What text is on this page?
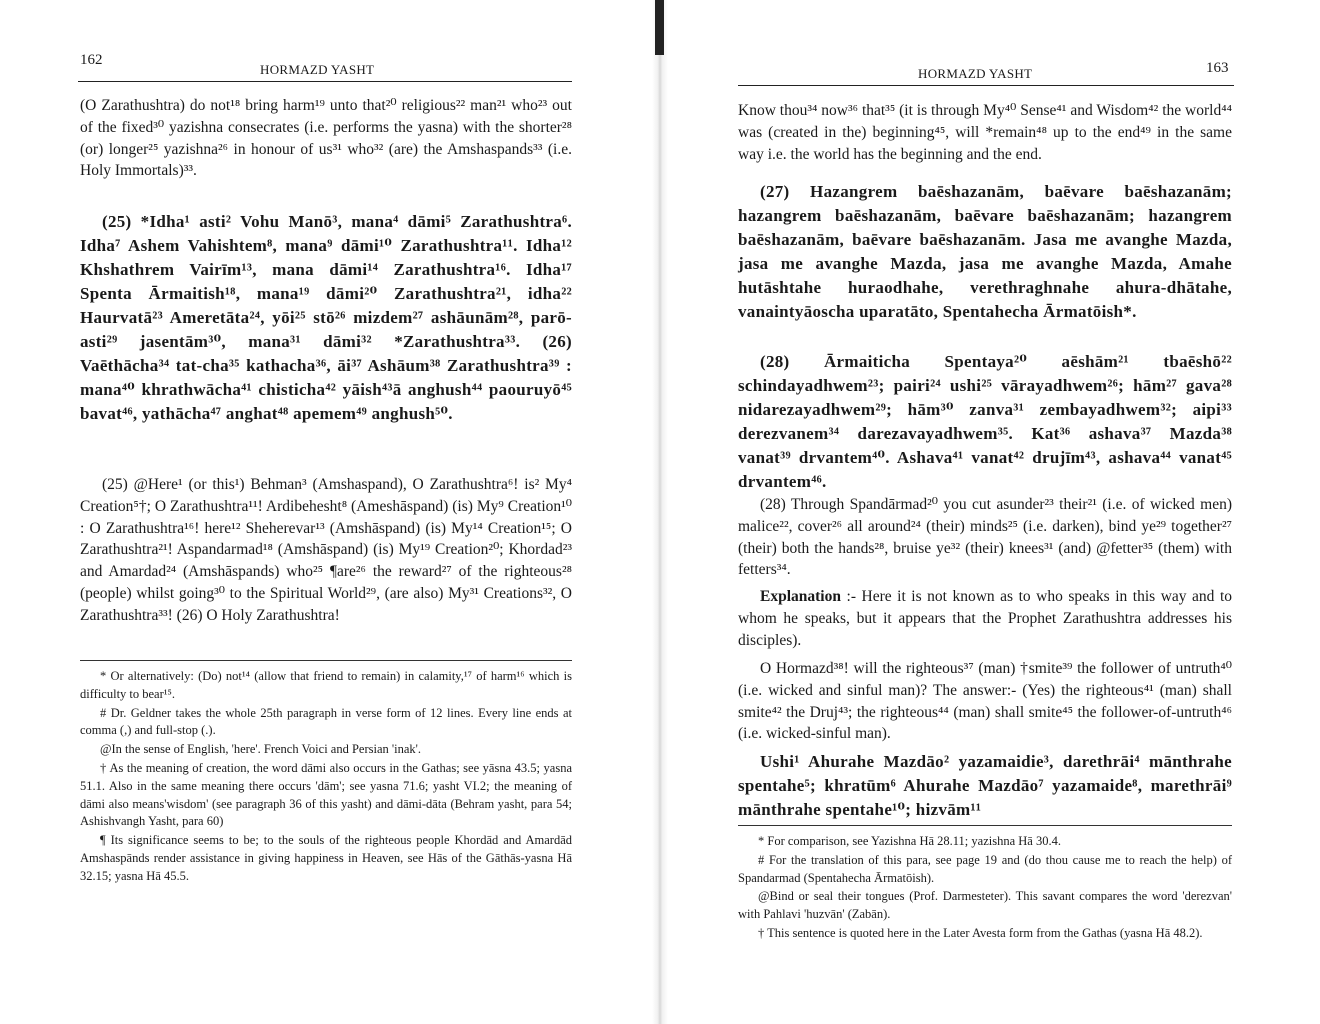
162
HORMAZD YASHT

(O Zarathushtra) do not¹⁸ bring harm¹⁹ unto that²⁰ religious²² man²¹ who²³ out of the fixed³⁰ yazishna consecrates (i.e. performs the yasna) with the shorter²⁸ (or) longer²⁵ yazishna²⁶ in honour of us³¹ who³² (are) the Amshaspands³³ (i.e. Holy Immortals)³³.

(25) *Idha¹ asti² Vohu Manō³, mana⁴ dāmi⁵ Zarathushtra⁶. Idha⁷ Ashem Vahishtem⁸, mana⁹ dāmi¹⁰ Zarathushtra¹¹. Idha¹² Khshathrem Vairīm¹³, mana dāmi¹⁴ Zarathushtra¹⁶. Idha¹⁷ Spenta Ārmaitish¹⁸, mana¹⁹ dāmi²⁰ Zarathushtra²¹, idha²² Haurvatā²³ Ameretāta²⁴, yōi²⁵ stō²⁶ mizdem²⁷ ashāunām²⁸, parō-asti²⁹ jasentām³⁰, mana³¹ dāmi³² *Zarathushtra³³. (26) Vaēthācha³⁴ tat-cha³⁵ kathacha³⁶, āi³⁷ Ashāum³⁸ Zarathushtra³⁹ : mana⁴⁰ khrathwācha⁴¹ chisticha⁴² yāish⁴³ā anghush⁴⁴ paouruyō⁴⁵ bavat⁴⁶, yathācha⁴⁷ anghat⁴⁸ apemem⁴⁹ anghush⁵⁰.

(25) @Here¹ (or this¹) Behman³ (Amshaspand), O Zarathushtra⁶! is² My⁴ Creation⁵†; O Zarathushtra¹¹! Ardibehesht⁸ (Ameshāspand) (is) My⁹ Creation¹⁰ : O Zarathushtra¹⁶! here¹² Sheherevar¹³ (Amshāspand) (is) My¹⁴ Creation¹⁵; O Zarathushtra²¹! Aspandarmad¹⁸ (Amshāspand) (is) My¹⁹ Creation²⁰; Khordad²³ and Amardad²⁴ (Amshāspands) who²⁵ ¶are²⁶ the reward²⁷ of the righteous²⁸ (people) whilst going³⁰ to the Spiritual World²⁹, (are also) My³¹ Creations³², O Zarathushtra³³! (26) O Holy Zarathushtra!

* Or alternatively: (Do) not¹⁴ (allow that friend to remain) in calamity,¹⁷ of harm¹⁶ which is difficulty to bear¹⁵.

# Dr. Geldner takes the whole 25th paragraph in verse form of 12 lines. Every line ends at comma (,) and full-stop (.).

@In the sense of English, 'here'. French Voici and Persian 'inak'.

† As the meaning of creation, the word dāmi also occurs in the Gathas; see yāsna 43.5; yasna 51.1. Also in the same meaning there occurs 'dām'; see yasna 71.6; yasht VI.2; the meaning of dāmi also means'wisdom' (see paragraph 36 of this yasht) and dāmi-dāta (Behram yasht, para 54; Ashishvangh Yasht, para 60)

¶ Its significance seems to be; to the souls of the righteous people Khordād and Amardād Amshaspānds render assistance in giving happiness in Heaven, see Hās of the Gāthās-yasna Hā 32.15; yasna Hā 45.5.

HORMAZD YASHT	163

Know thou³⁴ now³⁶ that³⁵ (it is through My⁴⁰ Sense⁴¹ and Wisdom⁴² the world⁴⁴ was (created in the) beginning⁴⁵, will *remain⁴⁸ up to the end⁴⁹ in the same way i.e. the world has the beginning and the end.

(27) Hazangrem baēshazanām, baēvare baēshazanām; hazangrem baēshazanām, baēvare baēshazanām; hazangrem baēshazanām, baēvare baēshazanām. Jasa me avanghe Mazda, jasa me avanghe Mazda, jasa me avanghe Mazda, Amahe hutāshtahe huraodhahe, verethraghnahe ahura-dhātahe, vanaintyāoscha uparatāto, Spentahecha Ārmatōish*.

(28) Ārmaiticha Spentaya²⁰ aēshām²¹ tbaēshō²² schindayadhwem²³; pairi²⁴ ushi²⁵ vārayadhwem²⁶; hām²⁷ gava²⁸ nidarezayadhwem²⁹; hām³⁰ zanva³¹ zembayadhwem³²; aipi³³ derezvanem³⁴ darezavayadhwem³⁵. Kat³⁶ ashava³⁷ Mazda³⁸ vanat³⁹ drvantem⁴⁰. Ashava⁴¹ vanat⁴² drujīm⁴³, ashava⁴⁴ vanat⁴⁵ drvantem⁴⁶.

(28) Through Spandārmad²⁰ you cut asunder²³ their²¹ (i.e. of wicked men) malice²², cover²⁶ all around²⁴ (their) minds²⁵ (i.e. darken), bind ye²⁹ together²⁷ (their) both the hands²⁸, bruise ye³² (their) knees³¹ (and) @fetter³⁵ (them) with fetters³⁴.

Explanation :- Here it is not known as to who speaks in this way and to whom he speaks, but it appears that the Prophet Zarathushtra addresses his disciples).

O Hormazd³⁸! will the righteous³⁷ (man) †smite³⁹ the follower of untruth⁴⁰ (i.e. wicked and sinful man)? The answer:- (Yes) the righteous⁴¹ (man) shall smite⁴² the Druj⁴³; the righteous⁴⁴ (man) shall smite⁴⁵ the follower-of-untruth⁴⁶ (i.e. wicked-sinful man).

Ushi¹ Ahurahe Mazdāo² yazamaidie³, darethrāi⁴ mānthrahe spentahe⁵; khratūm⁶ Ahurahe Mazdāo⁷ yazamaide⁸, marethrāi⁹ mānthrahe spentahe¹⁰; hizvām¹¹

* For comparison, see Yazishna Hā 28.11; yazishna Hā 30.4.

# For the translation of this para, see page 19 and (do thou cause me to reach the help) of Spandarmad (Spentahecha Ārmatōish).

@Bind or seal their tongues (Prof. Darmesteter). This savant compares the word 'derezvan' with Pahlavi 'huzvān' (Zabān).

† This sentence is quoted here in the Later Avesta form from the Gathas (yasna Hā 48.2).
